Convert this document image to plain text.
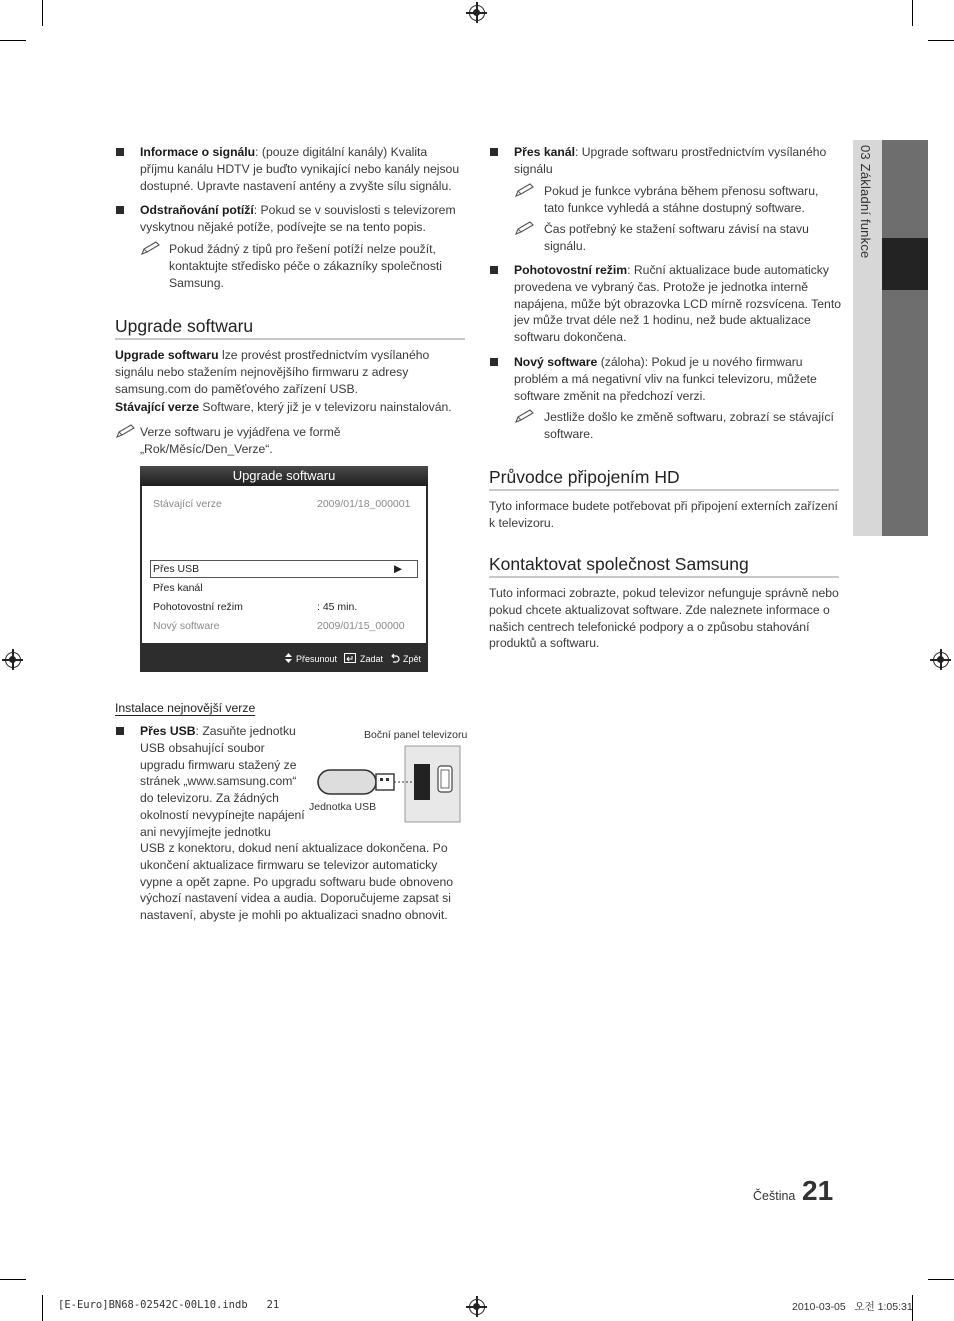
03 Základní funkce
Informace o signálu: (pouze digitální kanály) Kvalita příjmu kanálu HDTV je buďto vynikající nebo kanály nejsou dostupné. Upravte nastavení antény a zvyšte sílu signálu.
Odstraňování potíží: Pokud se v souvislosti s televizorem vyskytnou nějaké potíže, podívejte se na tento popis.
Pokud žádný z tipů pro řešení potíží nelze použít, kontaktujte středisko péče o zákazníky společnosti Samsung.
Upgrade softwaru
Upgrade softwaru lze provést prostřednictvím vysílaného signálu nebo stažením nejnovějšího firmwaru z adresy samsung.com do paměťového zařízení USB.
Stávající verze Software, který již je v televizoru nainstalován.
Verze softwaru je vyjádřena ve formě „Rok/Měsíc/Den_Verze“.
Upgrade softwaru
Stávající verze	2009/01/18_000001
Přes USB	▶
Přes kanál
Pohotovostní režim	: 45 min.
Nový software	2009/01/15_00000
Přesunout	Zadat Zpět
Instalace nejnovější verze
Přes USB: Zasuňte jednotku
USB obsahující soubor
upgradu firmwaru stažený ze
stránek „www.samsung.com“
do televizoru. Za žádných
okolností nevypínejte napájení
ani nevyjímejte jednotku
USB z konektoru, dokud není aktualizace dokončena. Po ukončení aktualizace firmwaru se televizor automaticky vypne a opět zapne. Po upgradu softwaru bude obnoveno výchozí nastavení videa a audia. Doporučujeme zapsat si nastavení, abyste je mohli po aktualizaci snadno obnovit.
Boční panel televizoru
Jednotka USB
Přes kanál: Upgrade softwaru prostřednictvím vysílaného signálu
Pokud je funkce vybrána během přenosu softwaru, tato funkce vyhledá a stáhne dostupný software.
Čas potřebný ke stažení softwaru závisí na stavu signálu.
Pohotovostní režim: Ruční aktualizace bude automaticky provedena ve vybraný čas. Protože je jednotka interně napájena, může být obrazovka LCD mírně rozsvícena. Tento jev může trvat déle než 1 hodinu, než bude aktualizace softwaru dokončena.
Nový software (záloha): Pokud je u nového firmwaru problém a má negativní vliv na funkci televizoru, můžete software změnit na předchozí verzi.
Jestliže došlo ke změně softwaru, zobrazí se stávající software.
Průvodce připojením HD
Tyto informace budete potřebovat při připojení externích zařízení k televizoru.
Kontaktovat společnost Samsung
Tuto informaci zobrazte, pokud televizor nefunguje správně nebo pokud chcete aktualizovat software. Zde naleznete informace o našich centrech telefonické podpory a o způsobu stahování produktů a softwaru.
Čeština 21
[E-Euro]BN68-02542C-00L10.indb   21	2010-03-05   오전 1:05:31
